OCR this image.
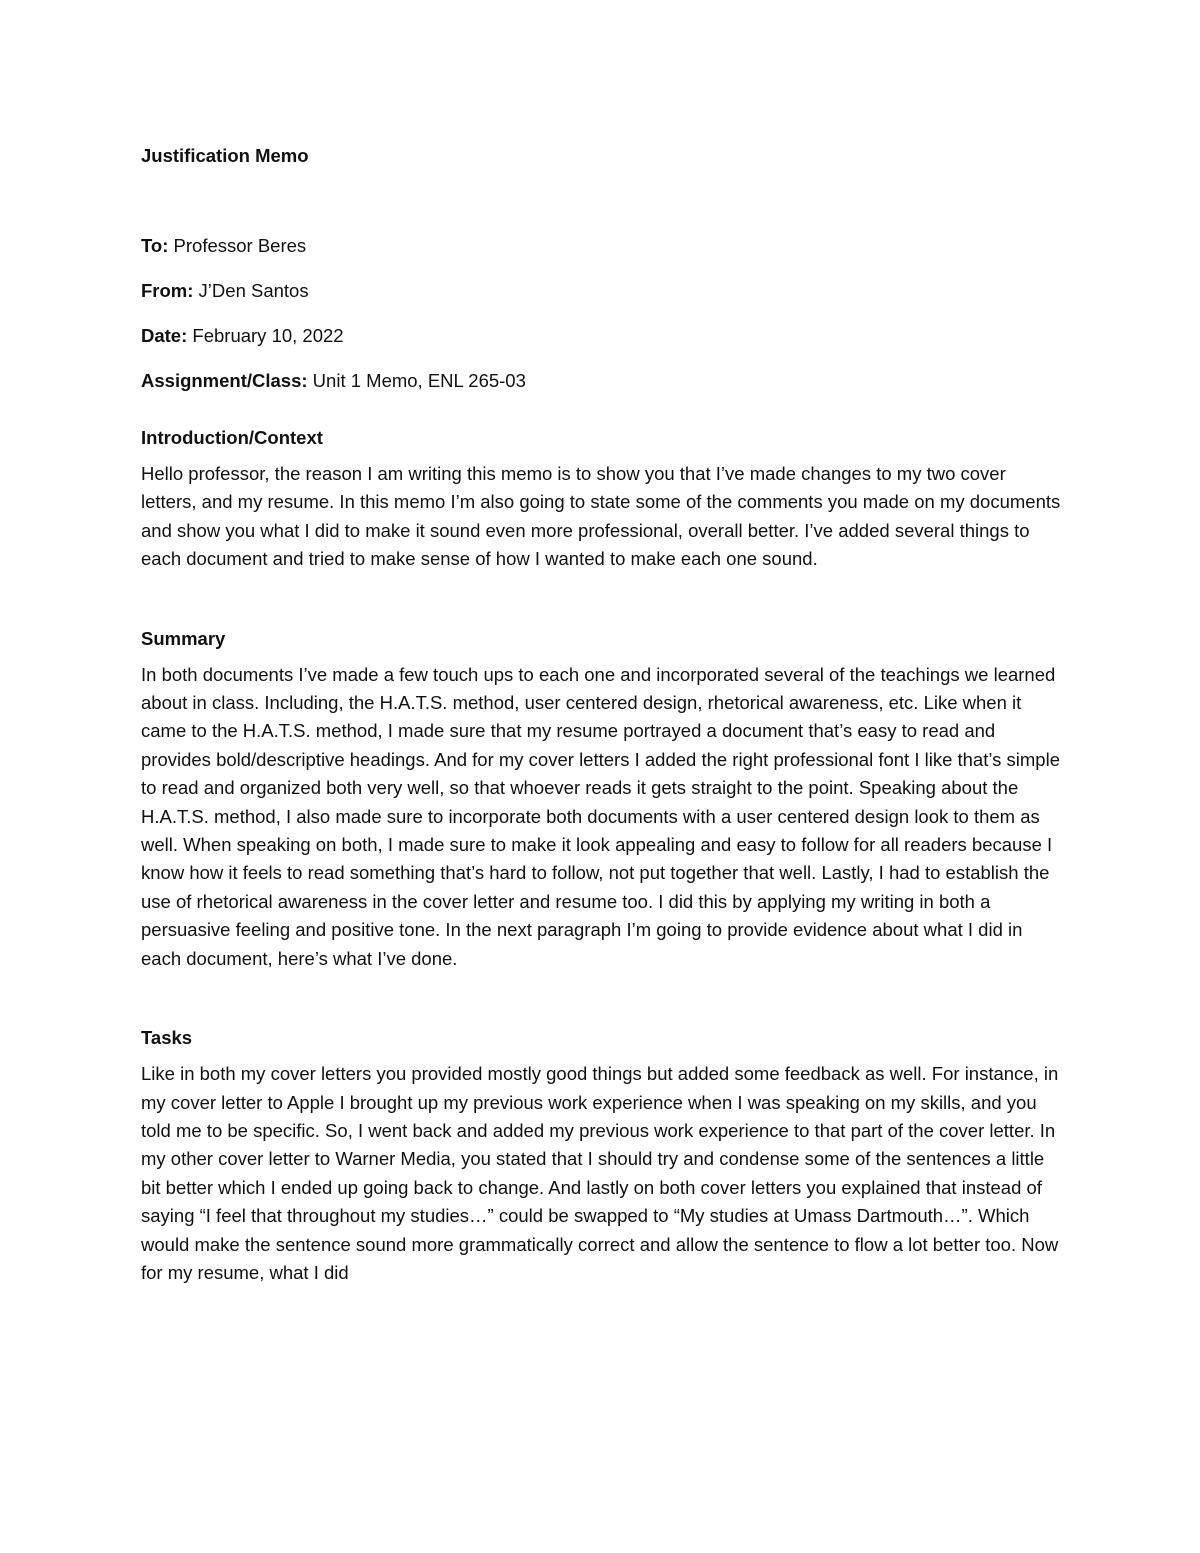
Justification Memo
To: Professor Beres
From: J’Den Santos
Date: February 10, 2022
Assignment/Class: Unit 1 Memo, ENL 265-03
Introduction/Context
Hello professor, the reason I am writing this memo is to show you that I’ve made changes to my two cover letters, and my resume. In this memo I’m also going to state some of the comments you made on my documents and show you what I did to make it sound even more professional, overall better. I’ve added several things to each document and tried to make sense of how I wanted to make each one sound.
Summary
In both documents I’ve made a few touch ups to each one and incorporated several of the teachings we learned about in class. Including, the H.A.T.S. method, user centered design, rhetorical awareness, etc. Like when it came to the H.A.T.S. method, I made sure that my resume portrayed a document that’s easy to read and provides bold/descriptive headings. And for my cover letters I added the right professional font I like that’s simple to read and organized both very well, so that whoever reads it gets straight to the point. Speaking about the H.A.T.S. method, I also made sure to incorporate both documents with a user centered design look to them as well. When speaking on both, I made sure to make it look appealing and easy to follow for all readers because I know how it feels to read something that’s hard to follow, not put together that well. Lastly, I had to establish the use of rhetorical awareness in the cover letter and resume too. I did this by applying my writing in both a persuasive feeling and positive tone. In the next paragraph I’m going to provide evidence about what I did in each document, here’s what I’ve done.
Tasks
Like in both my cover letters you provided mostly good things but added some feedback as well. For instance, in my cover letter to Apple I brought up my previous work experience when I was speaking on my skills, and you told me to be specific. So, I went back and added my previous work experience to that part of the cover letter. In my other cover letter to Warner Media, you stated that I should try and condense some of the sentences a little bit better which I ended up going back to change. And lastly on both cover letters you explained that instead of saying “I feel that throughout my studies…” could be swapped to “My studies at Umass Dartmouth…”. Which would make the sentence sound more grammatically correct and allow the sentence to flow a lot better too. Now for my resume, what I did
